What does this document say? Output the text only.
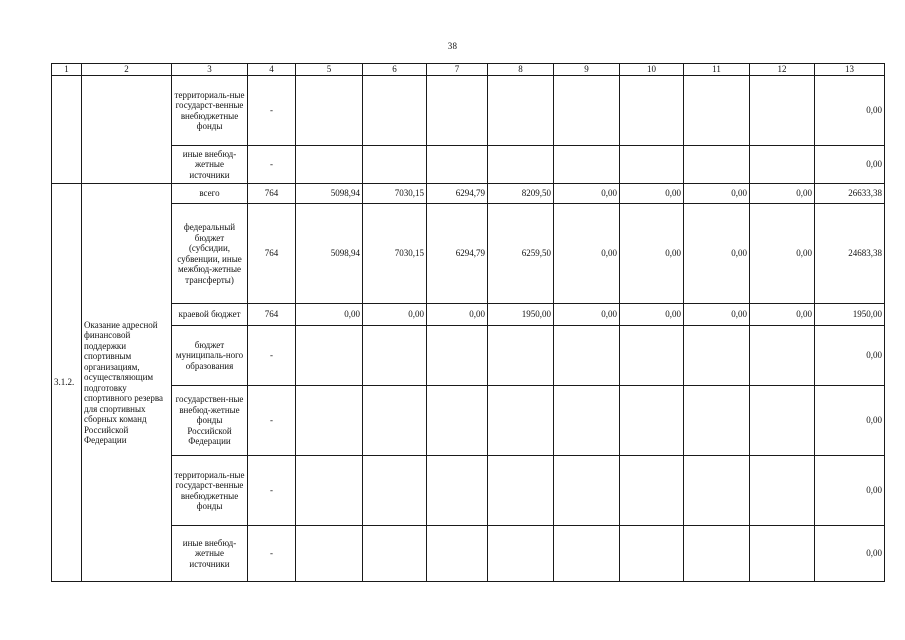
38
1	2	3	4	5	6	7	8	9	10	11	12	13
		территориаль-ные государст-венные внебюджетные фонды	-									0,00
		иные внебюд-жетные источники	-									0,00
3.1.2.	Оказание адресной финансовой поддержки спортивным организациям, осуществляющим подготовку спортивного резерва для спортивных сборных команд Российской Федерации	всего	764	5098,94	7030,15	6294,79	8209,50	0,00	0,00	0,00	0,00	26633,38
		федеральный бюджет (субсидии, субвенции, иные межбюд-жетные трансферты)	764	5098,94	7030,15	6294,79	6259,50	0,00	0,00	0,00	0,00	24683,38
		краевой бюджет	764	0,00	0,00	0,00	1950,00	0,00	0,00	0,00	0,00	1950,00
		бюджет муниципаль-ного образования	-									0,00
		государствен-ные внебюд-жетные фонды Российской Федерации	-									0,00
		территориаль-ные государст-венные внебюджетные фонды	-									0,00
		иные внебюд-жетные источники	-									0,00
